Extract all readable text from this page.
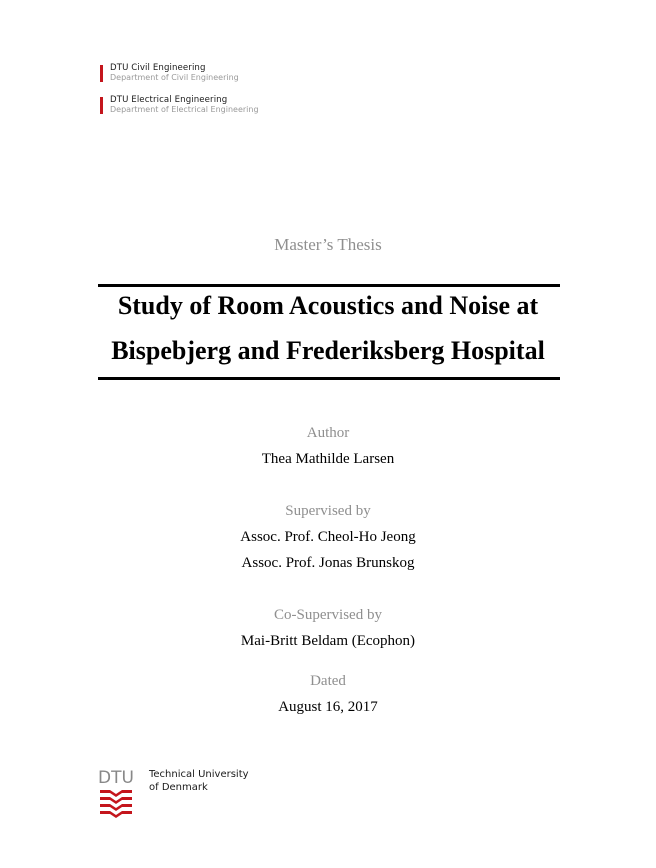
DTU Civil Engineering
Department of Civil Engineering
DTU Electrical Engineering
Department of Electrical Engineering
Master’s Thesis
Study of Room Acoustics and Noise at
Bispebjerg and Frederiksberg Hospital
Author
Thea Mathilde Larsen
Supervised by
Assoc. Prof. Cheol-Ho Jeong
Assoc. Prof. Jonas Brunskog
Co-Supervised by
Mai-Britt Beldam (Ecophon)
Dated
August 16, 2017
DTU Technical University
of Denmark
